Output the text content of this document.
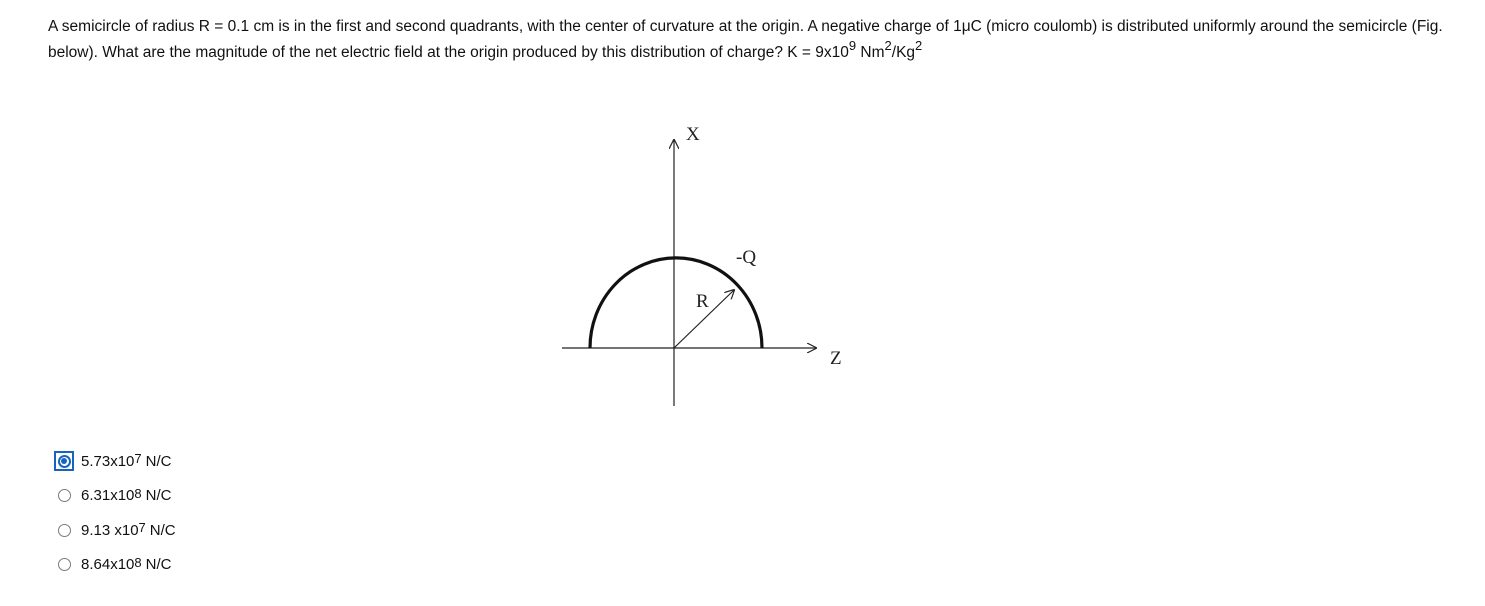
A semicircle of radius R = 0.1 cm is in the first and second quadrants, with the center of curvature at the origin. A negative charge of 1μC (micro coulomb) is distributed uniformly around the semicircle (Fig. below). What are the magnitude of the net electric field at the origin produced by this distribution of charge? $K = 9x10^9$ Nm$^2$/Kg$^2$
X
Z
-Q
R
$5.73x10^7$ N/C
$6.31x10^8$ N/C
9.13 $x10^7$ N/C
$8.64x10^8$ N/C
